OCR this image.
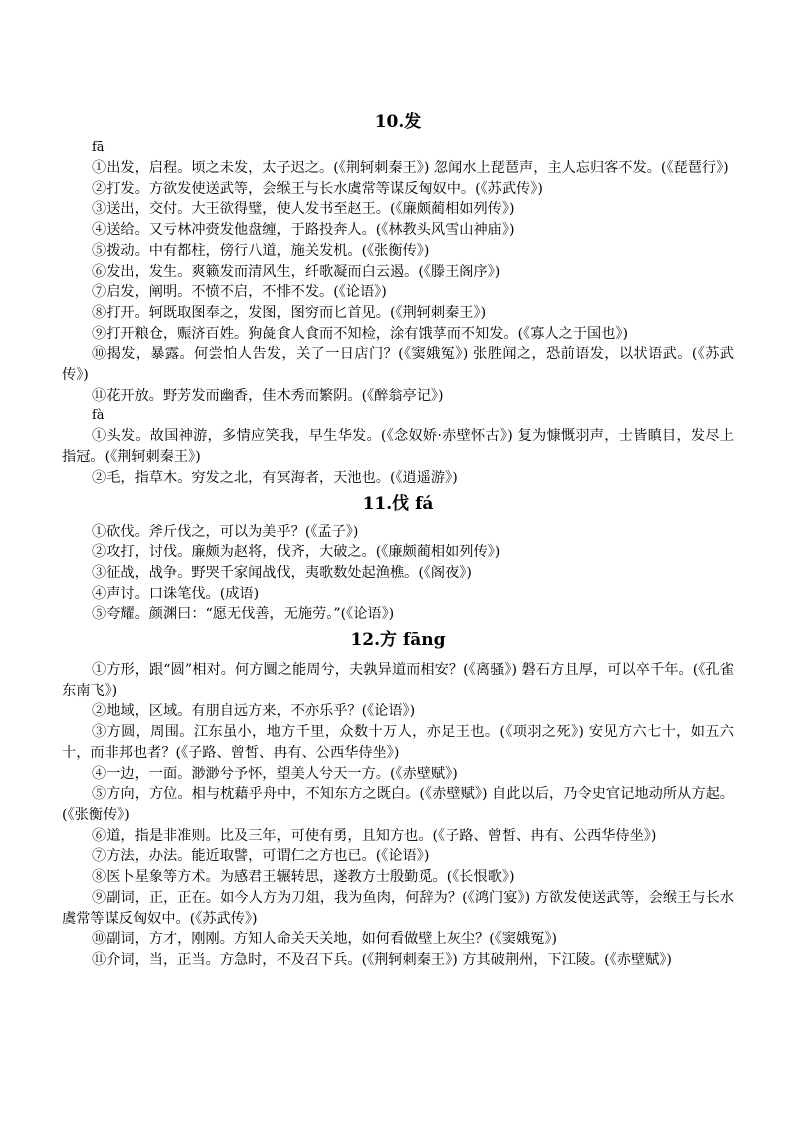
10.发
fā

①出发，启程。顷之未发，太子迟之。(《荆轲刺秦王》) 忽闻水上琵琶声，主人忘归客不发。(《琵琶行》)

②打发。方欲发使送武等，会缑王与长水虞常等谋反匈奴中。(《苏武传》)

③送出，交付。大王欲得璧，使人发书至赵王。(《廉颇蔺相如列传》)

④送给。又亏林冲赍发他盘缠，于路投奔人。(《林教头风雪山神庙》)

⑤拨动。中有都柱，傍行八道，施关发机。(《张衡传》)

⑥发出，发生。爽籁发而清风生，纤歌凝而白云遏。(《滕王阁序》)

⑦启发，阐明。不愤不启，不悱不发。(《论语》)

⑧打开。轲既取图奉之，发图，图穷而匕首见。(《荆轲刺秦王》)

⑨打开粮仓，赈济百姓。狗彘食人食而不知检，涂有饿莩而不知发。(《寡人之于国也》)

⑩揭发，暴露。何尝怕人告发，关了一日店门？(《窦娥冤》) 张胜闻之，恐前语发，以状语武。(《苏武传》)

⑪花开放。野芳发而幽香，佳木秀而繁阴。(《醉翁亭记》)

fà

①头发。故国神游，多情应笑我，早生华发。(《念奴娇·赤壁怀古》) 复为慷慨羽声，士皆瞋目，发尽上指冠。(《荆轲刺秦王》)

②毛，指草木。穷发之北，有冥海者，天池也。(《逍遥游》)

11.伐 fá

①砍伐。斧斤伐之，可以为美乎？(《孟子》)

②攻打，讨伐。廉颇为赵将，伐齐，大破之。(《廉颇蔺相如列传》)

③征战，战争。野哭千家闻战伐，夷歌数处起渔樵。(《阁夜》)

④声讨。口诛笔伐。(成语)

⑤夸耀。颜渊曰：“愿无伐善，无施劳。”(《论语》)

12.方 fāng

①方形，跟“圆”相对。何方圜之能周兮，夫孰异道而相安？(《离骚》) 磐石方且厚，可以卒千年。(《孔雀东南飞》)

②地域，区域。有朋自远方来，不亦乐乎？(《论语》)

③方圆，周围。江东虽小，地方千里，众数十万人，亦足王也。(《项羽之死》) 安见方六七十，如五六十，而非邦也者？(《子路、曾皙、冉有、公西华侍坐》)

④一边，一面。渺渺兮予怀，望美人兮天一方。(《赤壁赋》)

⑤方向，方位。相与枕藉乎舟中，不知东方之既白。(《赤壁赋》) 自此以后，乃令史官记地动所从方起。(《张衡传》)

⑥道，指是非准则。比及三年，可使有勇，且知方也。(《子路、曾皙、冉有、公西华侍坐》)

⑦方法，办法。能近取譬，可谓仁之方也已。(《论语》)

⑧医卜星象等方术。为感君王辗转思，遂教方士殷勤觅。(《长恨歌》)

⑨副词，正，正在。如今人方为刀俎，我为鱼肉，何辞为？(《鸿门宴》) 方欲发使送武等，会缑王与长水虞常等谋反匈奴中。(《苏武传》)

⑩副词，方才，刚刚。方知人命关天关地，如何看做壁上灰尘？(《窦娥冤》)

⑪介词，当，正当。方急时，不及召下兵。(《荆轲刺秦王》) 方其破荆州，下江陵。(《赤壁赋》)
